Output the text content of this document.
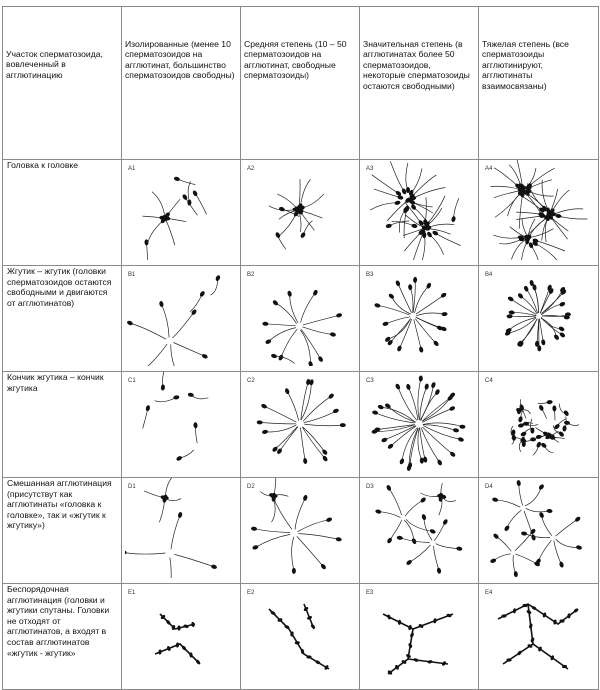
Участок сперматозоида, вовлеченный в агглютинацию	Изолированные (менее 10 сперматозоидов на агглютинат, большинство сперматозоидов свободны)	Средняя степень (10 – 50 сперматозоидов на агглютинат, свободные сперматозоиды)	Значительная степень (в агглютинатах более 50 сперматозоидов, некоторые сперматозоиды остаются свободными)	Тяжелая степень (все сперматозоиды агглютинируют, агглютинаты взаимосвязаны)
Головка к головке	A1	A2	A3	A4

Жгутик – жгутик (головки сперматозоидов остаются свободными и двигаются от агглютинатов)	B1	B2	B3	B4

Кончик жгутика – кончик жгутика	C1	C2	C3	C4

Смешанная агглютинация (присутствут как агглютинаты «головка к головке», так и «жгутик к жгутику»)	D1	D2	D3	D4

Беспорядочная агглютинация (головки и жгутики спутаны. Головки не отходят от агглютинатов, а входят в состав агглютинатов «жгутик - жгутик»	E1	E2	E3	E4
